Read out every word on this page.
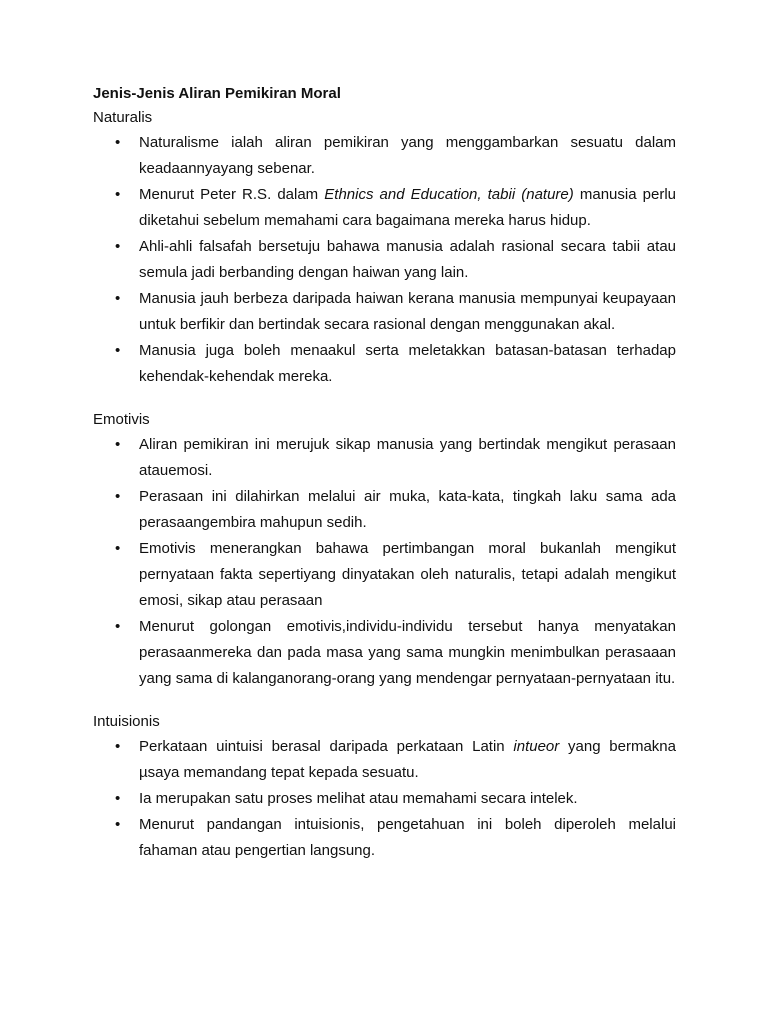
Jenis-Jenis Aliran Pemikiran Moral
Naturalis
•	Naturalisme ialah aliran pemikiran yang menggambarkan sesuatu dalam keadaannyayang sebenar.
•	Menurut Peter R.S. dalam Ethnics and Education, tabii (nature) manusia perlu diketahui sebelum memahami cara bagaimana mereka harus hidup.
•	Ahli-ahli falsafah bersetuju bahawa manusia adalah rasional secara tabii atau semula jadi berbanding dengan haiwan yang lain.
•	Manusia jauh berbeza daripada haiwan kerana manusia mempunyai keupayaan untuk berfikir dan bertindak secara rasional dengan menggunakan akal.
•	Manusia juga boleh menaakul serta meletakkan batasan-batasan terhadap kehendak-kehendak mereka.
Emotivis
•	Aliran pemikiran ini merujuk sikap manusia yang bertindak mengikut perasaan atauemosi.
•	Perasaan ini dilahirkan melalui air muka, kata-kata, tingkah laku sama ada perasaangembira mahupun sedih.
•	Emotivis menerangkan bahawa pertimbangan moral bukanlah mengikut pernyataan fakta sepertiyang dinyatakan oleh naturalis, tetapi adalah mengikut emosi, sikap atau perasaan
•	Menurut golongan emotivis,individu-individu tersebut hanya menyatakan perasaanmereka dan pada masa yang sama mungkin menimbulkan perasaaan yang sama di kalanganorang-orang yang mendengar pernyataan-pernyataan itu.
Intuisionis
•	Perkataan uintuisi berasal daripada perkataan Latin intueor yang bermakna µsaya memandang tepat kepada sesuatu.
•	Ia merupakan satu proses melihat atau memahami secara intelek.
•	Menurut pandangan intuisionis, pengetahuan ini boleh diperoleh melalui fahaman atau pengertian langsung.
